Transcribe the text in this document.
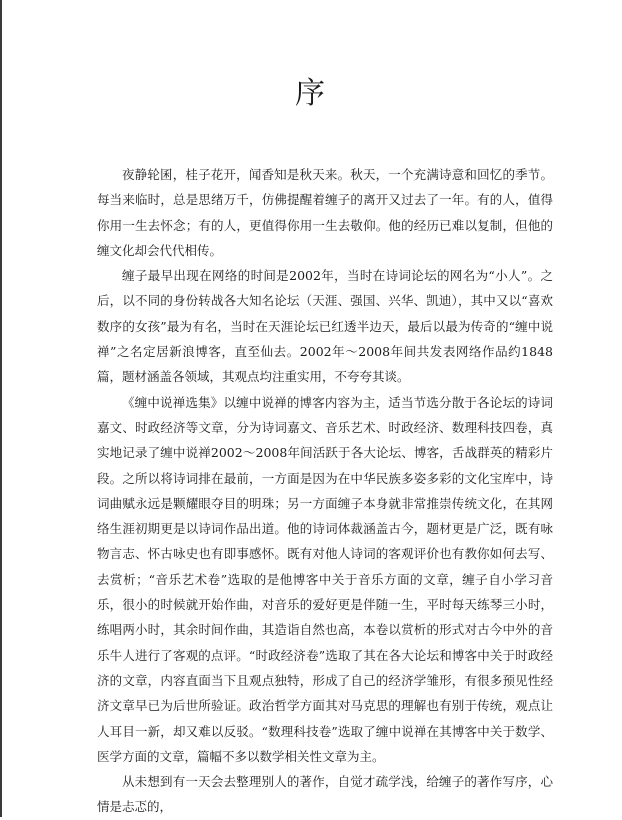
序

夜静轮囷，桂子花开，闻香知是秋天来。秋天，一个充满诗意和回忆的季节。每当来临时，总是思绪万千，仿佛提醒着缠子的离开又过去了一年。有的人，值得你用一生去怀念；有的人，更值得你用一生去敬仰。他的经历已难以复制，但他的缠文化却会代代相传。

缠子最早出现在网络的时间是2002年，当时在诗词论坛的网名为“小人”。之后，以不同的身份转战各大知名论坛（天涯、强国、兴华、凯迪），其中又以“喜欢数序的女孩”最为有名，当时在天涯论坛已红透半边天，最后以最为传奇的“缠中说禅”之名定居新浪博客，直至仙去。2002年～2008年间共发表网络作品约1848篇，题材涵盖各领域，其观点均注重实用，不夸夸其谈。

《缠中说禅选集》以缠中说禅的博客内容为主，适当节选分散于各论坛的诗词嘉文、时政经济等文章，分为诗词嘉文、音乐艺术、时政经济、数理科技四卷，真实地记录了缠中说禅2002～2008年间活跃于各大论坛、博客，舌战群英的精彩片段。之所以将诗词排在最前，一方面是因为在中华民族多姿多彩的文化宝库中，诗词曲赋永远是颗耀眼夺目的明珠；另一方面缠子本身就非常推崇传统文化，在其网络生涯初期更是以诗词作品出道。他的诗词体裁涵盖古今，题材更是广泛，既有咏物言志、怀古咏史也有即事感怀。既有对他人诗词的客观评价也有教你如何去写、去赏析；“音乐艺术卷”选取的是他博客中关于音乐方面的文章，缠子自小学习音乐，很小的时候就开始作曲，对音乐的爱好更是伴随一生，平时每天练琴三小时，练唱两小时，其余时间作曲，其造诣自然也高，本卷以赏析的形式对古今中外的音乐牛人进行了客观的点评。“时政经济卷”选取了其在各大论坛和博客中关于时政经济的文章，内容直面当下且观点独特，形成了自己的经济学雏形，有很多预见性经济文章早已为后世所验证。政治哲学方面其对马克思的理解也有别于传统，观点让人耳目一新，却又难以反驳。“数理科技卷”选取了缠中说禅在其博客中关于数学、医学方面的文章，篇幅不多以数学相关性文章为主。

从未想到有一天会去整理别人的著作，自觉才疏学浅，给缠子的著作写序，心情是忐忑的，
